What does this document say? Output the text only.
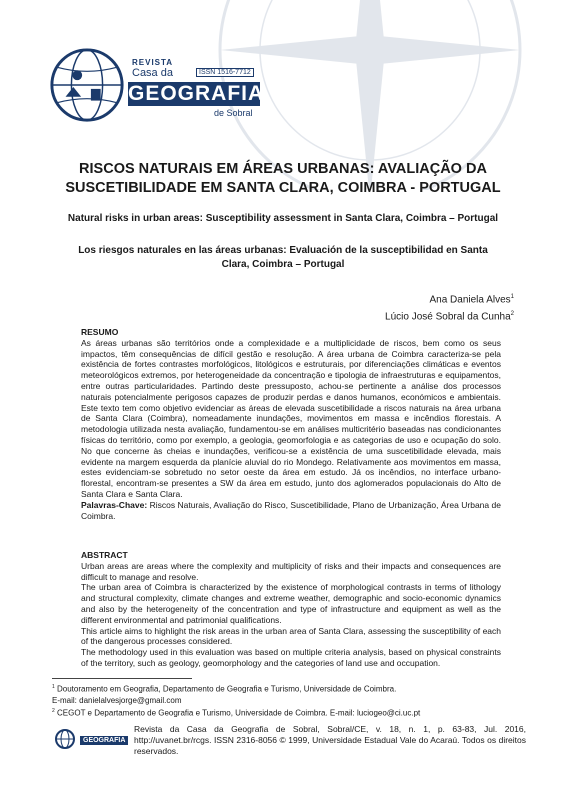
REVISTA
Casa da	ISSN 1516-7712
GEOGRAFIA
de Sobral
RISCOS NATURAIS EM ÁREAS URBANAS: AVALIAÇÃO DA SUSCETIBILIDADE EM SANTA CLARA, COIMBRA - PORTUGAL
Natural risks in urban areas: Susceptibility assessment in Santa Clara, Coimbra – Portugal
Los riesgos naturales en las áreas urbanas: Evaluación de la susceptibilidad en Santa Clara, Coimbra – Portugal
Ana Daniela Alves$^1$
Lúcio José Sobral da Cunha$^2$
RESUMO

As áreas urbanas são territórios onde a complexidade e a multiplicidade de riscos, bem como os seus impactos, têm consequências de difícil gestão e resolução. A área urbana de Coimbra caracteriza-se pela existência de fortes contrastes morfológicos, litológicos e estruturais, por diferenciações climáticas e eventos meteorológicos extremos, por heterogeneidade da concentração e tipologia de infraestruturas e equipamentos, entre outras particularidades. Partindo deste pressuposto, achou-se pertinente a análise dos processos naturais potencialmente perigosos capazes de produzir perdas e danos humanos, económicos e ambientais. Este texto tem como objetivo evidenciar as áreas de elevada suscetibilidade a riscos naturais na área urbana de Santa Clara (Coimbra), nomeadamente inundações, movimentos em massa e incêndios florestais. A metodologia utilizada nesta avaliação, fundamentou-se em análises multicritério baseadas nas condicionantes físicas do território, como por exemplo, a geologia, geomorfologia e as categorias de uso e ocupação do solo. No que concerne às cheias e inundações, verificou-se a existência de uma suscetibilidade elevada, mais evidente na margem esquerda da planície aluvial do rio Mondego. Relativamente aos movimentos em massa, estes evidenciam-se sobretudo no setor oeste da área em estudo. Já os incêndios, no interface urbano-florestal, encontram-se presentes a SW da área em estudo, junto dos aglomerados populacionais do Alto de Santa Clara e Santa Clara.

Palavras-Chave: Riscos Naturais, Avaliação do Risco, Suscetibilidade, Plano de Urbanização, Área Urbana de Coimbra.

ABSTRACT

Urban areas are areas where the complexity and multiplicity of risks and their impacts and consequences are difficult to manage and resolve.

The urban area of Coimbra is characterized by the existence of morphological contrasts in terms of lithology and structural complexity, climate changes and extreme weather, demographic and socio-economic dynamics and also by the heterogeneity of the concentration and type of infrastructure and equipment as well as the different environmental and patrimonial qualifications.

This article aims to highlight the risk areas in the urban area of Santa Clara, assessing the susceptibility of each of the dangerous processes considered.

The methodology used in this evaluation was based on multiple criteria analysis, based on physical constraints of the territory, such as geology, geomorphology and the categories of land use and occupation.

$^1$ Doutoramento em Geografia, Departamento de Geografia e Turismo, Universidade de Coimbra.

E-mail: danielalvesjorge@gmail.com

$^2$ CEGOT e Departamento de Geografia e Turismo, Universidade de Coimbra. E-mail: luciogeo@ci.uc.pt

GEOGRAFIA
Revista da Casa da Geografia de Sobral, Sobral/CE, v. 18, n. 1, p. 63-83, Jul. 2016, http://uvanet.br/rcgs. ISSN 2316-8056 © 1999, Universidade Estadual Vale do Acaraú. Todos os direitos reservados.
